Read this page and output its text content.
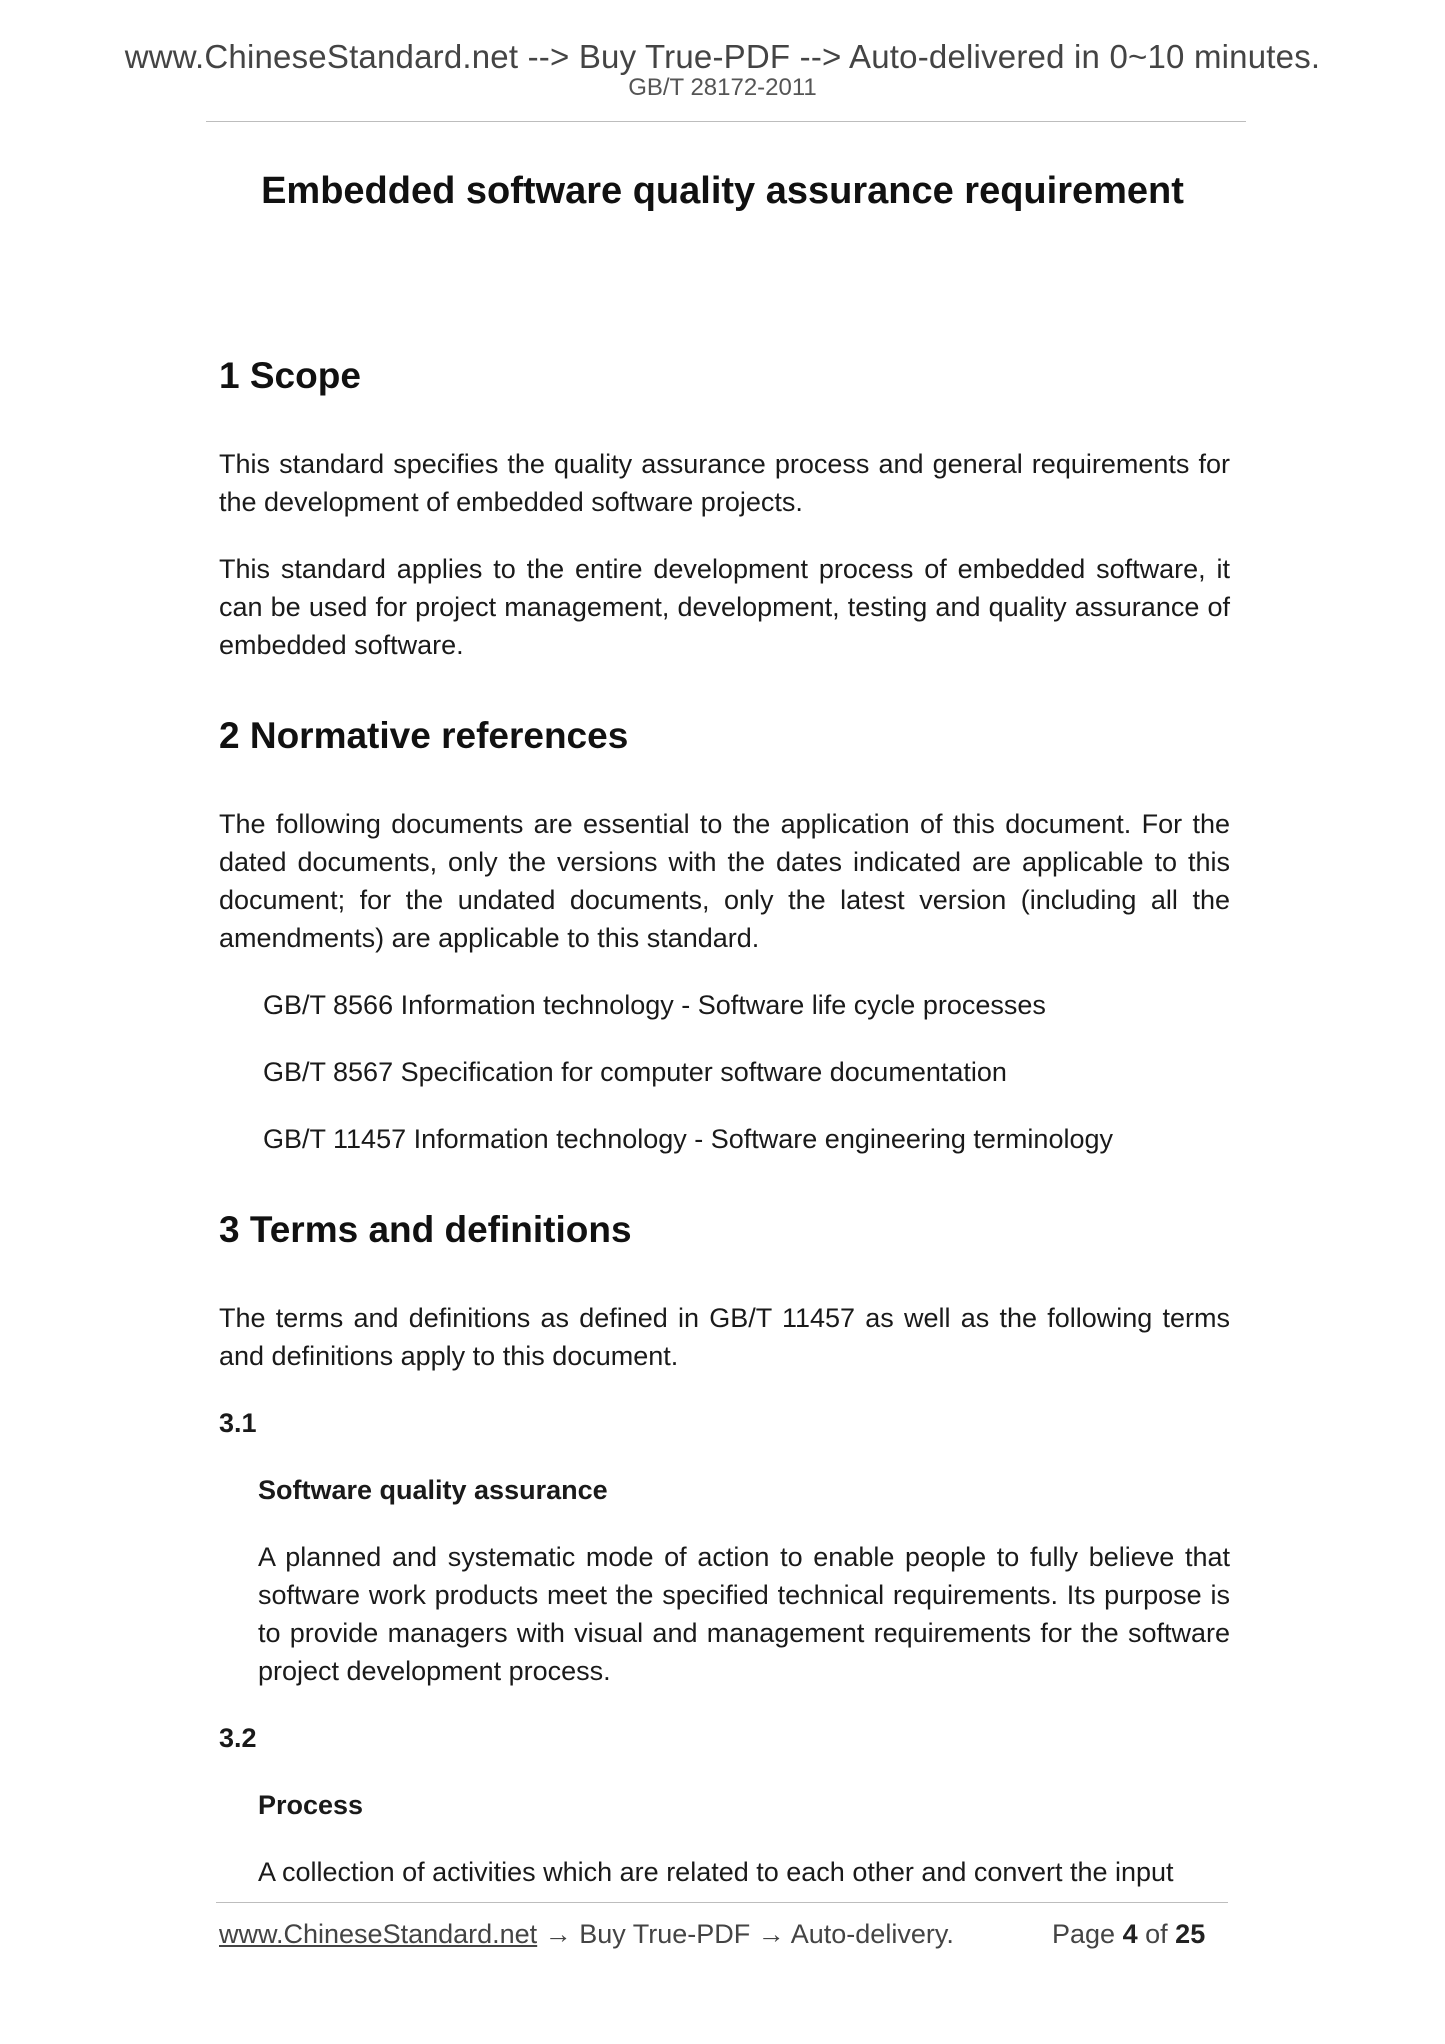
www.ChineseStandard.net --> Buy True-PDF --> Auto-delivered in 0~10 minutes.
GB/T 28172-2011
Embedded software quality assurance requirement
1 Scope

This standard specifies the quality assurance process and general requirements for the development of embedded software projects.

This standard applies to the entire development process of embedded software, it can be used for project management, development, testing and quality assurance of embedded software.

2 Normative references

The following documents are essential to the application of this document. For the dated documents, only the versions with the dates indicated are applicable to this document; for the undated documents, only the latest version (including all the amendments) are applicable to this standard.

GB/T 8566 Information technology - Software life cycle processes
GB/T 8567 Specification for computer software documentation
GB/T 11457 Information technology - Software engineering terminology
3 Terms and definitions

The terms and definitions as defined in GB/T 11457 as well as the following terms and definitions apply to this document.

3.1
Software quality assurance

A planned and systematic mode of action to enable people to fully believe that software work products meet the specified technical requirements. Its purpose is to provide managers with visual and management requirements for the software project development process.

3.2
Process

A collection of activities which are related to each other and convert the input

www.ChineseStandard.net → Buy True-PDF → Auto-delivery.	Page 4 of 25
